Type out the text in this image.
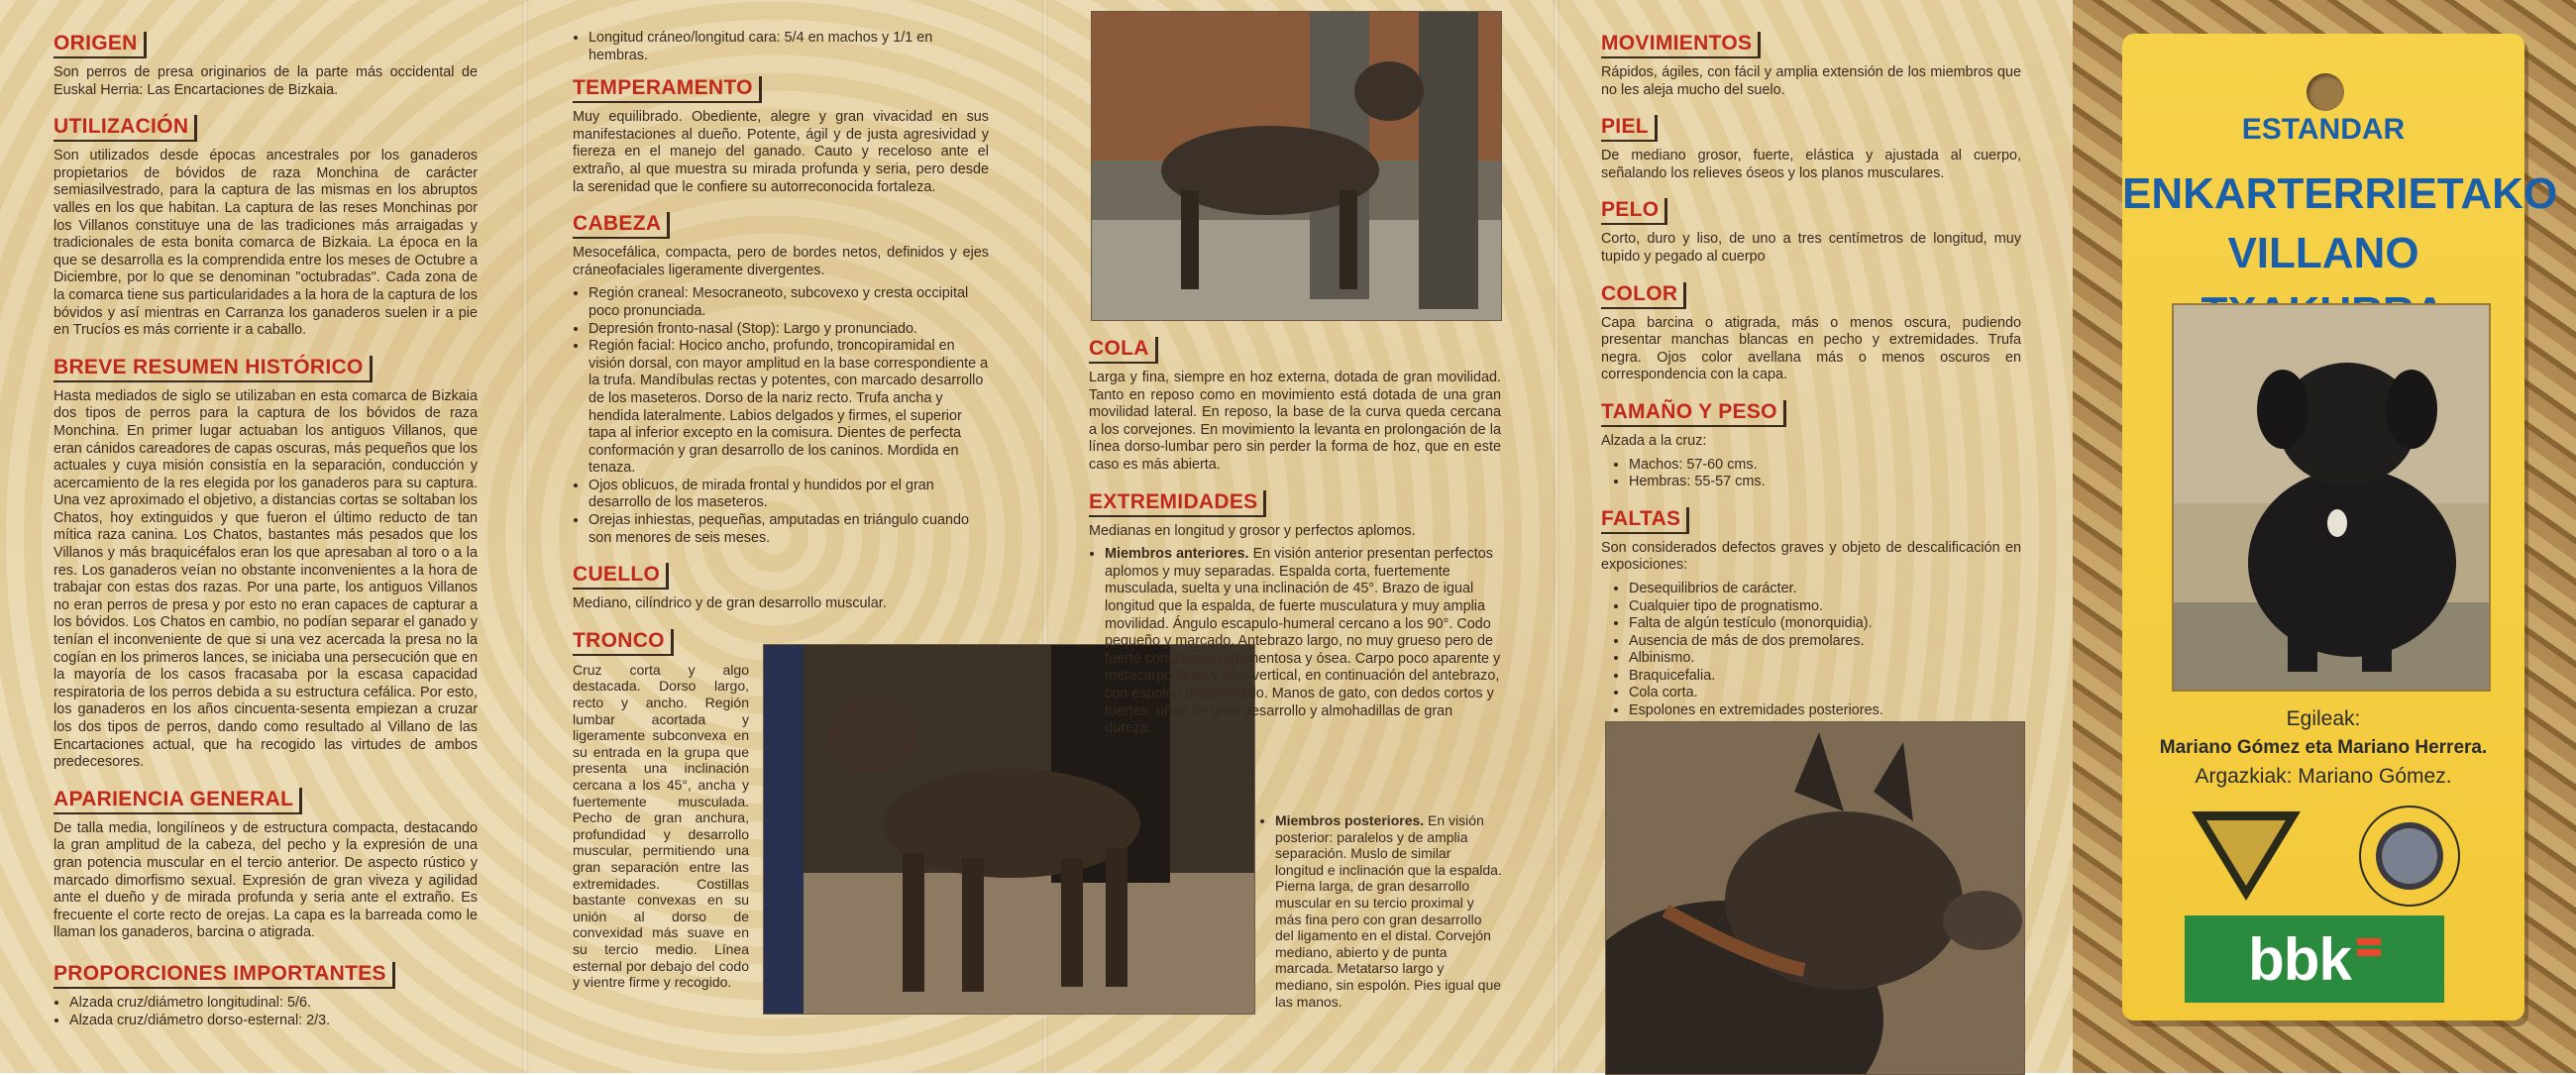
ORIGEN

Son perros de presa originarios de la parte más occidental de Euskal Herria: Las Encartaciones de Bizkaia.

UTILIZACIÓN

Son utilizados desde épocas ancestrales por los ganaderos propietarios de bóvidos de raza Monchina de carácter semiasilvestrado, para la captura de las mismas en los abruptos valles en los que habitan. La captura de las reses Monchinas por los Villanos constituye una de las tradiciones más arraigadas y tradicionales de esta bonita comarca de Bizkaia. La época en la que se desarrolla es la comprendida entre los meses de Octubre a Diciembre, por lo que se denominan "octubradas". Cada zona de la comarca tiene sus particularidades a la hora de la captura de los bóvidos y así mientras en Carranza los ganaderos suelen ir a pie en Trucíos es más corriente ir a caballo.

BREVE RESUMEN HISTÓRICO

Hasta mediados de siglo se utilizaban en esta comarca de Bizkaia dos tipos de perros para la captura de los bóvidos de raza Monchina. En primer lugar actuaban los antiguos Villanos, que eran cánidos careadores de capas oscuras, más pequeños que los actuales y cuya misión consistía en la separación, conducción y acercamiento de la res elegida por los ganaderos para su captura. Una vez aproximado el objetivo, a distancias cortas se soltaban los Chatos, hoy extinguidos y que fueron el último reducto de tan mítica raza canina. Los Chatos, bastantes más pesados que los Villanos y más braquicéfalos eran los que apresaban al toro o a la res. Los ganaderos veían no obstante inconvenientes a la hora de trabajar con estas dos razas. Por una parte, los antiguos Villanos no eran perros de presa y por esto no eran capaces de capturar a los bóvidos. Los Chatos en cambio, no podían separar el ganado y tenían el inconveniente de que si una vez acercada la presa no la cogían en los primeros lances, se iniciaba una persecución que en la mayoría de los casos fracasaba por la escasa capacidad respiratoria de los perros debida a su estructura cefálica. Por esto, los ganaderos en los años cincuenta-sesenta empiezan a cruzar los dos tipos de perros, dando como resultado al Villano de las Encartaciones actual, que ha recogido las virtudes de ambos predecesores.

APARIENCIA GENERAL

De talla media, longilíneos y de estructura compacta, destacando la gran amplitud de la cabeza, del pecho y la expresión de una gran potencia muscular en el tercio anterior. De aspecto rústico y marcado dimorfismo sexual. Expresión de gran viveza y agilidad ante el dueño y de mirada profunda y seria ante el extraño. Es frecuente el corte recto de orejas. La capa es la barreada como le llaman los ganaderos, barcina o atigrada.

PROPORCIONES IMPORTANTES
• Alzada cruz/diámetro longitudinal: 5/6.
• Alzada cruz/diámetro dorso-esternal: 2/3.
• Longitud cráneo/longitud cara: 5/4 en machos y 1/1 en hembras.
TEMPERAMENTO

Muy equilibrado. Obediente, alegre y gran vivacidad en sus manifestaciones al dueño. Potente, ágil y de justa agresividad y fiereza en el manejo del ganado. Cauto y receloso ante el extraño, al que muestra su mirada profunda y seria, pero desde la serenidad que le confiere su autorreconocida fortaleza.

CABEZA

Mesocefálica, compacta, pero de bordes netos, definidos y ejes cráneofaciales ligeramente divergentes.

• Región craneal: Mesocraneoto, subcovexo y cresta occipital poco pronunciada.
• Depresión fronto-nasal (Stop): Largo y pronunciado.
• Región facial: Hocico ancho, profundo, troncopiramidal en visión dorsal, con mayor amplitud en la base correspondiente a la trufa. Mandíbulas rectas y potentes, con marcado desarrollo de los maseteros. Dorso de la nariz recto. Trufa ancha y hendida lateralmente. Labios delgados y firmes, el superior tapa al inferior excepto en la comisura. Dientes de perfecta conformación y gran desarrollo de los caninos. Mordida en tenaza.
• Ojos oblicuos, de mirada frontal y hundidos por el gran desarrollo de los maseteros.
• Orejas inhiestas, pequeñas, amputadas en triángulo cuando son menores de seis meses.
CUELLO

Mediano, cilíndrico y de gran desarrollo muscular.

TRONCO

Cruz corta y algo destacada. Dorso largo, recto y ancho. Región lumbar acortada y ligeramente subconvexa en su entrada en la grupa que presenta una inclinación cercana a los 45°, ancha y fuertemente musculada. Pecho de gran anchura, profundidad y desarrollo muscular, permitiendo una gran separación entre las extremidades. Costillas bastante convexas en su unión al dorso de convexidad más suave en su tercio medio. Línea esternal por debajo del codo y vientre firme y recogido.

COLA

Larga y fina, siempre en hoz externa, dotada de gran movilidad. Tanto en reposo como en movimiento está dotada de una gran movilidad lateral. En reposo, la base de la curva queda cercana a los corvejones. En movimiento la levanta en prolongación de la línea dorso-lumbar pero sin perder la forma de hoz, que en este caso es más abierta.

EXTREMIDADES

Medianas en longitud y grosor y perfectos aplomos.

• Miembros anteriores. En visión anterior presentan perfectos aplomos y muy separadas. Espalda corta, fuertemente musculada, suelta y una inclinación de 45°. Brazo de igual longitud que la espalda, de fuerte musculatura y muy amplia movilidad. Ángulo escapulo-humeral cercano a los 90°. Codo pequeño y marcado. Antebrazo largo, no muy grueso pero de fuerte constitución ligamentosa y ósea. Carpo poco aparente y metacarpo largo y casi vertical, en continuación del antebrazo, con espolón desarrollado. Manos de gato, con dedos cortos y fuertes, uñas de gran desarrollo y almohadillas de gran dureza.
• Miembros posteriores. En visión posterior: paralelos y de amplia separación. Muslo de similar longitud e inclinación que la espalda. Pierna larga, de gran desarrollo muscular en su tercio proximal y más fina pero con gran desarrollo del ligamento en el distal. Corvejón mediano, abierto y de punta marcada. Metatarso largo y mediano, sin espolón. Pies igual que las manos.
MOVIMIENTOS

Rápidos, ágiles, con fácil y amplia extensión de los miembros que no les aleja mucho del suelo.

PIEL

De mediano grosor, fuerte, elástica y ajustada al cuerpo, señalando los relieves óseos y los planos musculares.

PELO

Corto, duro y liso, de uno a tres centímetros de longitud, muy tupido y pegado al cuerpo

COLOR

Capa barcina o atigrada, más o menos oscura, pudiendo presentar manchas blancas en pecho y extremidades. Trufa negra. Ojos color avellana más o menos oscuros en correspondencia con la capa.

TAMAÑO Y PESO

Alzada a la cruz:

• Machos: 57-60 cms.
• Hembras: 55-57 cms.
FALTAS

Son considerados defectos graves y objeto de descalificación en exposiciones:

• Desequilibrios de carácter.
• Cualquier tipo de prognatismo.
• Falta de algún testículo (monorquidia).
• Ausencia de más de dos premolares.
• Albinismo.
• Braquicefalia.
• Cola corta.
• Espolones en extremidades posteriores.
•
•
ESTANDAR
ENKARTERRIETAKO
VILLANO
Egileak:
Mariano Gómez eta Mariano Herrera.
Argazkiak: Mariano Gómez.
bbk
